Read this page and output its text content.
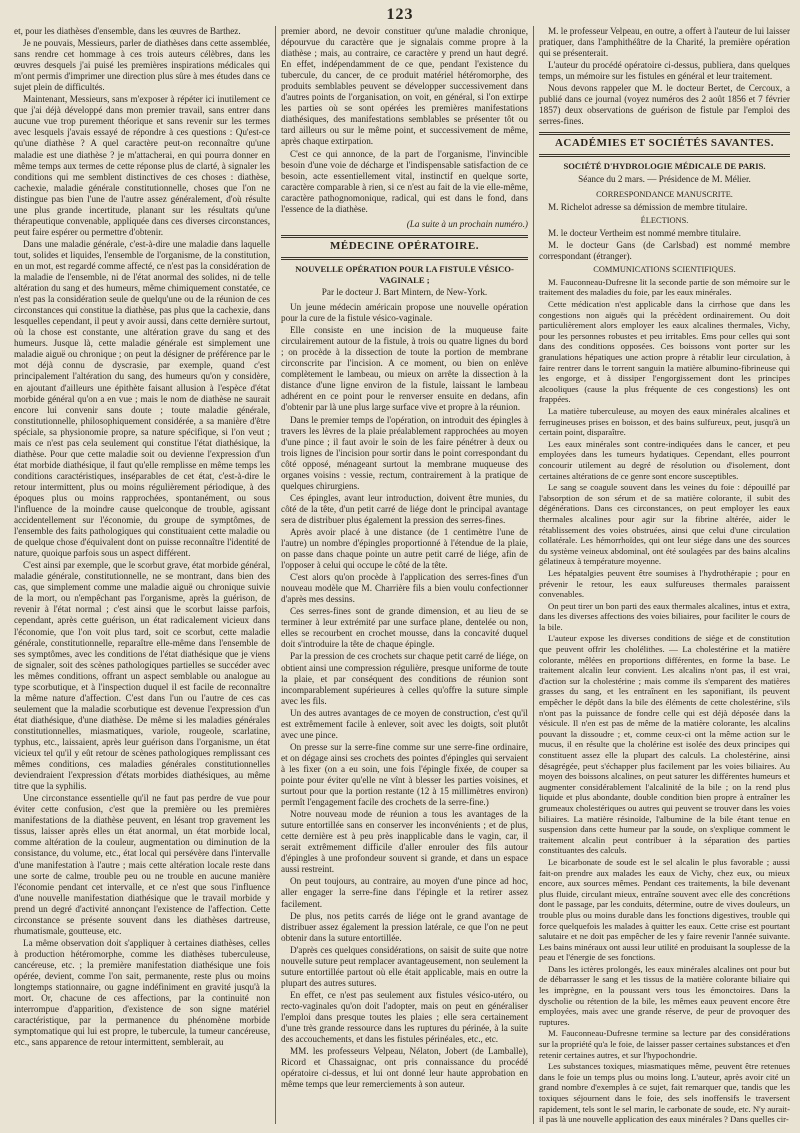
123

et, pour les diathèses d'ensemble, dans les œuvres de Barthez.

Je ne pouvais, Messieurs, parler de diathèses dans cette assemblée, sans rendre cet hommage à ces trois auteurs célèbres, dans les œuvres desquels j'ai puisé les premières inspirations médicales qui m'ont permis d'imprimer une direction plus sûre à mes études dans ce sujet plein de difficultés.

Maintenant, Messieurs, sans m'exposer à répéter ici inutilement ce que j'ai déjà développé dans mon premier travail, sans entrer dans aucune vue trop purement théorique et sans revenir sur les termes avec lesquels j'avais essayé de répondre à ces questions : Qu'est-ce qu'une diathèse ? A quel caractère peut-on reconnaître qu'une maladie est une diathèse ? je m'attacherai, en qui pourra donner en même temps aux termes de cette réponse plus de clarté, à signaler les conditions qui me semblent distinctives de ces choses : diathèse, cachexie, maladie générale constitutionnelle, choses que l'on ne distingue pas bien l'une de l'autre assez généralement, d'où résulte une plus grande incertitude, planant sur les résultats qu'une thérapeutique convenable, appliquée dans ces diverses circonstances, peut faire espérer ou permettre d'obtenir.

Dans une maladie générale, c'est-à-dire une maladie dans laquelle tout, solides et liquides, l'ensemble de l'organisme, de la constitution, en un mot, est regardé comme affecté, ce n'est pas la considération de la maladie de l'ensemble, ni de l'état anormal des solides, ni de telle altération du sang et des humeurs, même chimiquement constatée, ce n'est pas la considération seule de quelqu'une ou de la réunion de ces circonstances qui constitue la diathèse, pas plus que la cachexie, dans lesquelles cependant, il peut y avoir aussi, dans cette dernière surtout, où la chose est constante, une altération grave du sang et des humeurs. Jusque là, cette maladie générale est simplement une maladie aiguë ou chronique ; on peut la désigner de préférence par le mot déjà connu de dyscrasie, par exemple, quand c'est principalement l'altération du sang, des humeurs qu'on y considère, en ajoutant d'ailleurs une épithète faisant allusion à l'espèce d'état morbide général qu'on a en vue ; mais le nom de diathèse ne saurait encore lui convenir sans doute ; toute maladie générale, constitutionnelle, philosophiquement considérée, a sa manière d'être spéciale, sa physionomie propre, sa nature spécifique, si l'on veut ; mais ce n'est pas cela seulement qui constitue l'état diathésique, la diathèse. Pour que cette maladie soit ou devienne l'expression d'un état morbide diathésique, il faut qu'elle remplisse en même temps les conditions caractéristiques, inséparables de cet état, c'est-à-dire le retour intermittent, plus ou moins régulièrement périodique, à des époques plus ou moins rapprochées, spontanément, ou sous l'influence de la moindre cause quelconque de trouble, agissant accidentellement sur l'économie, du groupe de symptômes, de l'ensemble des faits pathologiques qui constituaient cette maladie ou de quelque chose d'équivalent dont on puisse reconnaître l'identité de nature, quoique parfois sous un aspect différent.

C'est ainsi par exemple, que le scorbut grave, état morbide général, maladie générale, constitutionnelle, ne se montrant, dans bien des cas, que simplement comme une maladie aiguë ou chronique suivie de la mort, ou n'empêchant pas l'organisme, après la guérison, de revenir à l'état normal ; c'est ainsi que le scorbut laisse parfois, cependant, après cette guérison, un état radicalement vicieux dans l'économie, que l'on voit plus tard, soit ce scorbut, cette maladie générale, constitutionnelle, reparaître elle-même dans l'ensemble de ses symptômes, avec les conditions de l'état diathésique que je viens de signaler, soit des scènes pathologiques partielles se succéder avec les mêmes conditions, offrant un aspect semblable ou analogue au type scorbutique, et à l'inspection duquel il est facile de reconnaître la même nature d'affection. C'est dans l'un ou l'autre de ces cas seulement que la maladie scorbutique est devenue l'expression d'un état diathésique, d'une diathèse. De même si les maladies générales constitutionnelles, miasmatiques, variole, rougeole, scarlatine, typhus, etc., laissaient, après leur guérison dans l'organisme, un état vicieux tel qu'il y eût retour de scènes pathologiques remplissant ces mêmes conditions, ces maladies générales constitutionnelles deviendraient l'expression d'états morbides diathésiques, au même titre que la syphilis.

Une circonstance essentielle qu'il ne faut pas perdre de vue pour éviter cette confusion, c'est que la première ou les premières manifestations de la diathèse peuvent, en lésant trop gravement les tissus, laisser après elles un état anormal, un état morbide local, comme altération de la couleur, augmentation ou diminution de la consistance, du volume, etc., état local qui persévère dans l'intervalle d'une manifestation à l'autre ; mais cette altération locale reste dans une sorte de calme, trouble peu ou ne trouble en aucune manière l'économie pendant cet intervalle, et ce n'est que sous l'influence d'une nouvelle manifestation diathésique que le travail morbide y prend un degré d'activité annonçant l'existence de l'affection. Cette circonstance se présente souvent dans les diathèses dartreuse, rhumatismale, goutteuse, etc.

La même observation doit s'appliquer à certaines diathèses, celles à production hétéromorphe, comme les diathèses tuberculeuse, cancéreuse, etc. ; la première manifestation diathésique une fois opérée, devient, comme l'on sait, permanente, reste plus ou moins longtemps stationnaire, ou gagne indéfiniment en gravité jusqu'à la mort. Or, chacune de ces affections, par la continuité non interrompue d'apparition, d'existence de son signe matériel caractéristique, par la permanence du phénomène morbide symptomatique qui lui est propre, le tubercule, la tumeur cancéreuse, etc., sans apparence de retour intermittent, semblerait, au

premier abord, ne devoir constituer qu'une maladie chronique, dépourvue du caractère que je signalais comme propre à la diathèse ; mais, au contraire, ce caractère y prend un haut degré. En effet, indépendamment de ce que, pendant l'existence du tubercule, du cancer, de ce produit matériel hétéromorphe, des produits semblables peuvent se développer successivement dans d'autres points de l'organisation, on voit, en général, si l'on extirpe les parties où se sont opérées les premières manifestations diathésiques, des manifestations semblables se présenter tôt ou tard ailleurs ou sur le même point, et successivement de même, après chaque extirpation.

C'est ce qui annonce, de la part de l'organisme, l'invincible besoin d'une voie de décharge et l'indispensable satisfaction de ce besoin, acte essentiellement vital, instinctif en quelque sorte, caractère comparable à rien, si ce n'est au fait de la vie elle-même, caractère pathognomonique, radical, qui est dans le fond, dans l'essence de la diathèse.

(La suite à un prochain numéro.)

MÉDECINE OPÉRATOIRE.
NOUVELLE OPÉRATION POUR LA FISTULE VÉSICO-VAGINALE ;
Par le docteur J. Bart Mintern, de New-York.

Un jeune médecin américain propose une nouvelle opération pour la cure de la fistule vésico-vaginale.

Elle consiste en une incision de la muqueuse faite circulairement autour de la fistule, à trois ou quatre lignes du bord ; on procède à la dissection de toute la portion de membrane circonscrite par l'incision. A ce moment, ou bien on enlève complètement le lambeau, ou mieux on arrête la dissection à la distance d'une ligne environ de la fistule, laissant le lambeau adhérent en ce point pour le renverser ensuite en dedans, afin d'obtenir par là une plus large surface vive et propre à la réunion.

Dans le premier temps de l'opération, on introduit des épingles à travers les lèvres de la plaie préalablement rapprochées au moyen d'une pince ; il faut avoir le soin de les faire pénétrer à deux ou trois lignes de l'incision pour sortir dans le point correspondant du côté opposé, ménageant surtout la membrane muqueuse des organes voisins : vessie, rectum, contrairement à la pratique de quelques chirurgiens.

Ces épingles, avant leur introduction, doivent être munies, du côté de la tête, d'un petit carré de liége dont le principal avantage sera de distribuer plus également la pression des serres-fines.

Après avoir placé à une distance (de 1 centimètre l'une de l'autre) un nombre d'épingles proportionné à l'étendue de la plaie, on passe dans chaque pointe un autre petit carré de liége, afin de l'opposer à celui qui occupe le côté de la tête.

C'est alors qu'on procède à l'application des serres-fines d'un nouveau modèle que M. Charrière fils a bien voulu confectionner d'après mes dessins.

Ces serres-fines sont de grande dimension, et au lieu de se terminer à leur extrémité par une surface plane, dentelée ou non, elles se recourbent en crochet mousse, dans la concavité duquel doit s'introduire la tête de chaque épingle.

Par la pression de ces crochets sur chaque petit carré de liége, on obtient ainsi une compression régulière, presque uniforme de toute la plaie, et par conséquent des conditions de réunion sont incomparablement supérieures à celles qu'offre la suture simple avec les fils.

Un des autres avantages de ce moyen de construction, c'est qu'il est extrêmement facile à enlever, soit avec les doigts, soit plutôt avec une pince.

On presse sur la serre-fine comme sur une serre-fine ordinaire, et on dégage ainsi ses crochets des pointes d'épingles qui servaient à les fixer (on a eu soin, une fois l'épingle fixée, de couper sa pointe pour éviter qu'elle ne vînt à blesser les parties voisines, et surtout pour que la portion restante (12 à 15 millimètres environ) permît l'engagement facile des crochets de la serre-fine.)

Notre nouveau mode de réunion a tous les avantages de la suture entortillée sans en conserver les inconvénients ; et de plus, cette dernière est à peu près inapplicable dans le vagin, car, il serait extrêmement difficile d'aller enrouler des fils autour d'épingles à une profondeur souvent si grande, et dans un espace aussi restreint.

On peut toujours, au contraire, au moyen d'une pince ad hoc, aller engager la serre-fine dans l'épingle et la retirer assez facilement.

De plus, nos petits carrés de liége ont le grand avantage de distribuer assez également la pression latérale, ce que l'on ne peut obtenir dans la suture entortillée.

D'après ces quelques considérations, on saisit de suite que notre nouvelle suture peut remplacer avantageusement, non seulement la suture entortillée partout où elle était applicable, mais en outre la plupart des autres sutures.

En effet, ce n'est pas seulement aux fistules vésico-utéro, ou recto-vaginales qu'on doit l'adopter, mais on peut en généraliser l'emploi dans presque toutes les plaies ; elle sera certainement d'une très grande ressource dans les ruptures du périnée, à la suite des accouchements, et dans les fistules périnéales, etc., etc.

MM. les professeurs Velpeau, Nélaton, Jobert (de Lamballe), Ricord et Chassaignac, ont pris connaissance du procédé opératoire ci-dessus, et lui ont donné leur haute approbation en même temps que leur remerciements à son auteur.

M. le professeur Velpeau, en outre, a offert à l'auteur de lui laisser pratiquer, dans l'amphithéâtre de la Charité, la première opération qui se présenterait.

L'auteur du procédé opératoire ci-dessus, publiera, dans quelques temps, un mémoire sur les fistules en général et leur traitement.

Nous devons rappeler que M. le docteur Bertet, de Cercoux, a publié dans ce journal (voyez numéros des 2 août 1856 et 7 février 1857) deux observations de guérison de fistule par l'emploi des serres-fines.

ACADÉMIES ET SOCIÉTÉS SAVANTES.
SOCIÉTÉ D'HYDROLOGIE MÉDICALE DE PARIS.
Séance du 2 mars. — Présidence de M. Mélier.
CORRESPONDANCE MANUSCRITE.

M. Richelot adresse sa démission de membre titulaire.

ÉLECTIONS.

M. le docteur Vertheim est nommé membre titulaire.

M. le docteur Gans (de Carlsbad) est nommé membre correspondant (étranger).

COMMUNICATIONS SCIENTIFIQUES.

M. Fauconneau-Dufresne lit la seconde partie de son mémoire sur le traitement des maladies du foie, par les eaux minérales.

Cette médication n'est applicable dans la cirrhose que dans les congestions non aiguës qui la précèdent ordinairement. Ou doit particulièrement alors employer les eaux alcalines thermales, Vichy, pour les personnes robustes et peu irritables. Ems pour celles qui sont dans des conditions opposées. Ces boissons vont porter sur les granulations hépatiques une action propre à rétablir leur circulation, à faire rentrer dans le torrent sanguin la matière albumino-fibrineuse qui les engorge, et à dissiper l'engorgissement dont les principes alcooliques (cause la plus fréquente de ces congestions) les ont frappées.

La matière tuberculeuse, au moyen des eaux minérales alcalines et ferrugineuses prises en boisson, et des bains sulfureux, peut, jusqu'à un certain point, disparaître.

Les eaux minérales sont contre-indiquées dans le cancer, et peu employées dans les tumeurs hydatiques. Cependant, elles pourront concourir utilement au degré de résolution ou d'isolement, dont certaines altérations de ce genre sont encore susceptibles.

Le sang se coagule souvent dans les veines du foie : dépouillé par l'absorption de son sérum et de sa matière colorante, il subit des dégénérations. Dans ces circonstances, on peut employer les eaux thermales alcalines pour agir sur la fibrine altérée, aider le rétablissement des voies obstruées, ainsi que celui d'une circulation collatérale. Les hémorrhoïdes, qui ont leur siége dans une des sources du système veineux abdominal, ont été soulagées par des bains alcalins gélatineux à température moyenne.

Les hépatalgies peuvent être soumises à l'hydrothérapie ; pour en prévenir le retour, les eaux sulfureuses thermales paraissent convenables.

On peut tirer un bon parti des eaux thermales alcalines, intus et extra, dans les diverses affections des voies biliaires, pour faciliter le cours de la bile.

L'auteur expose les diverses conditions de siége et de constitution que peuvent offrir les cholélithes. — La cholestérine et la matière colorante, mêlées en proportions différentes, en forme la base. Le traitement alcalin leur convient. Les alcalins n'ont pas, il est vrai, d'action sur la cholestérine ; mais comme ils s'emparent des matières grasses du sang, et les entraînent en les saponifiant, ils peuvent empêcher le dépôt dans la bile des éléments de cette cholestérine, s'ils n'ont pas la puissance de fondre celle qui est déjà déposée dans la vésicule. Il n'en est pas de même de la matière colorante, les alcalins pouvant la dissoudre ; et, comme ceux-ci ont la même action sur le mucus, il en résulte que la cholérine est isolée des deux principes qui constituent assez elle la plupart des calculs. La cholestérine, ainsi désagrégée, peut s'échapper plus facilement par les voies biliaires. Au moyen des boissons alcalines, on peut saturer les différentes humeurs et augmenter considérablement l'alcalinité de la bile ; on la rend plus liquide et plus abondante, double condition bien propre à entraîner les grumeaux cholestériques ou autres qui peuvent se trouver dans les voies biliaires. La matière résinoïde, l'albumine de la bile étant tenue en suspension dans cette humeur par la soude, on s'explique comment le traitement alcalin peut contribuer à la séparation des parties constituantes des calculs.

Le bicarbonate de soude est le sel alcalin le plus favorable ; aussi fait-on prendre aux malades les eaux de Vichy, chez eux, ou mieux encore, aux sources mêmes. Pendant ces traitements, la bile devenant plus fluide, circulant mieux, entraîne souvent avec elle des concrétions dont le passage, par les conduits, détermine, outre de vives douleurs, un trouble plus ou moins durable dans les fonctions digestives, trouble qui force quelquefois les malades à quitter les eaux. Cette crise est pourtant salutaire et ne doit pas empêcher de les y faire revenir l'année suivante. Les bains minéraux ont aussi leur utilité en produisant la souplesse de la peau et l'énergie de ses fonctions.

Dans les ictères prolongés, les eaux minérales alcalines ont pour but de débarrasser le sang et les tissus de la matière colorante biliaire qui les imprègne, en la poussant vers tous les émonctoires. Dans la dyscholie ou rétention de la bile, les mêmes eaux peuvent encore être employées, mais avec une grande réserve, de peur de provoquer des ruptures.

M. Fauconneau-Dufresne termine sa lecture par des considérations sur la propriété qu'a le foie, de laisser passer certaines substances et d'en retenir certaines autres, et sur l'hypochondrie.

Les substances toxiques, miasmatiques même, peuvent être retenues dans le foie un temps plus ou moins long. L'auteur, après avoir cité un grand nombre d'exemples à ce sujet, fait remarquer que, tandis que les toxiques séjournent dans le foie, des sels inoffensifs le traversent rapidement, tels sont le sel marin, le carbonate de soude, etc. N'y aurait-il pas là une nouvelle application des eaux minérales ? Dans quelles cir-
